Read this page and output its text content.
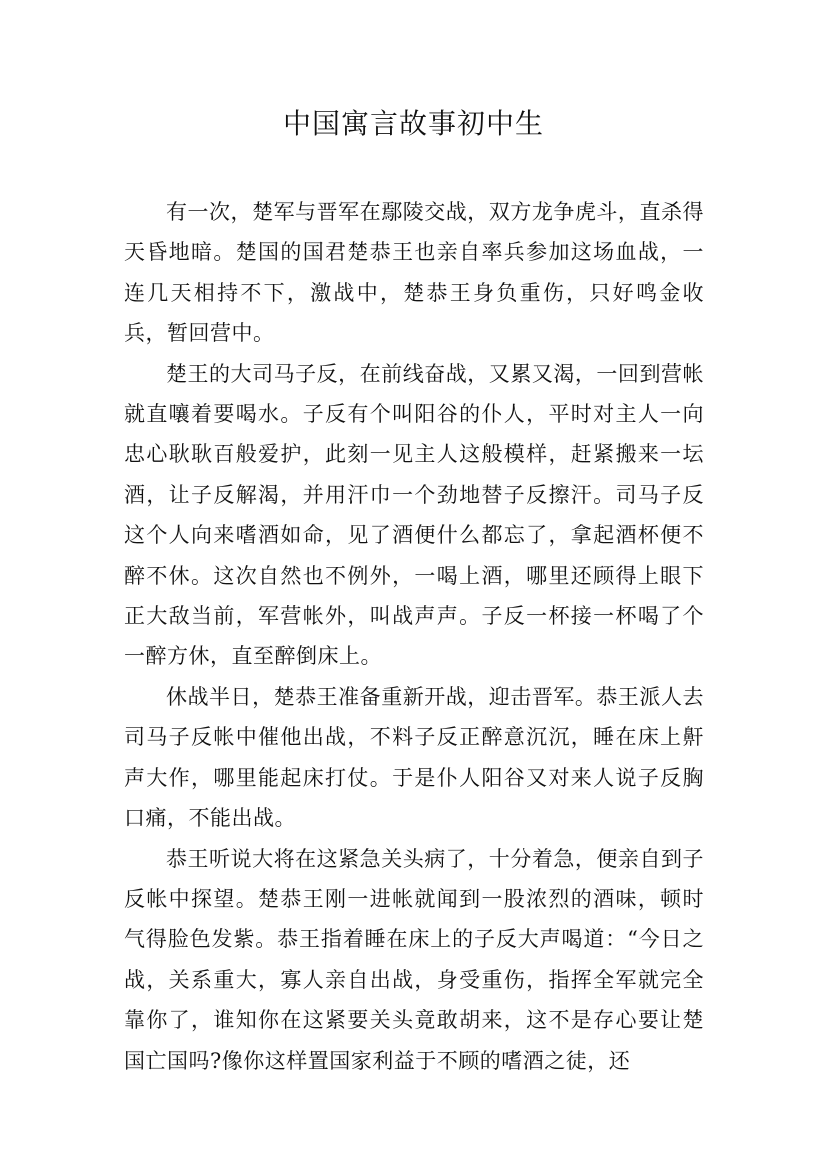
中国寓言故事初中生

有一次，楚军与晋军在鄢陵交战，双方龙争虎斗，直杀得天昏地暗。楚国的国君楚恭王也亲自率兵参加这场血战，一连几天相持不下，激战中，楚恭王身负重伤，只好鸣金收兵，暂回营中。

楚王的大司马子反，在前线奋战，又累又渴，一回到营帐就直嚷着要喝水。子反有个叫阳谷的仆人，平时对主人一向忠心耿耿百般爱护，此刻一见主人这般模样，赶紧搬来一坛酒，让子反解渴，并用汗巾一个劲地替子反擦汗。司马子反这个人向来嗜酒如命，见了酒便什么都忘了，拿起酒杯便不醉不休。这次自然也不例外，一喝上酒，哪里还顾得上眼下正大敌当前，军营帐外，叫战声声。子反一杯接一杯喝了个一醉方休，直至醉倒床上。

休战半日，楚恭王准备重新开战，迎击晋军。恭王派人去司马子反帐中催他出战，不料子反正醉意沉沉，睡在床上鼾声大作，哪里能起床打仗。于是仆人阳谷又对来人说子反胸口痛，不能出战。

恭王听说大将在这紧急关头病了，十分着急，便亲自到子反帐中探望。楚恭王刚一进帐就闻到一股浓烈的酒味，顿时气得脸色发紫。恭王指着睡在床上的子反大声喝道：“今日之战，关系重大，寡人亲自出战，身受重伤，指挥全军就完全靠你了，谁知你在这紧要关头竟敢胡来，这不是存心要让楚国亡国吗?像你这样置国家利益于不顾的嗜酒之徒，还
